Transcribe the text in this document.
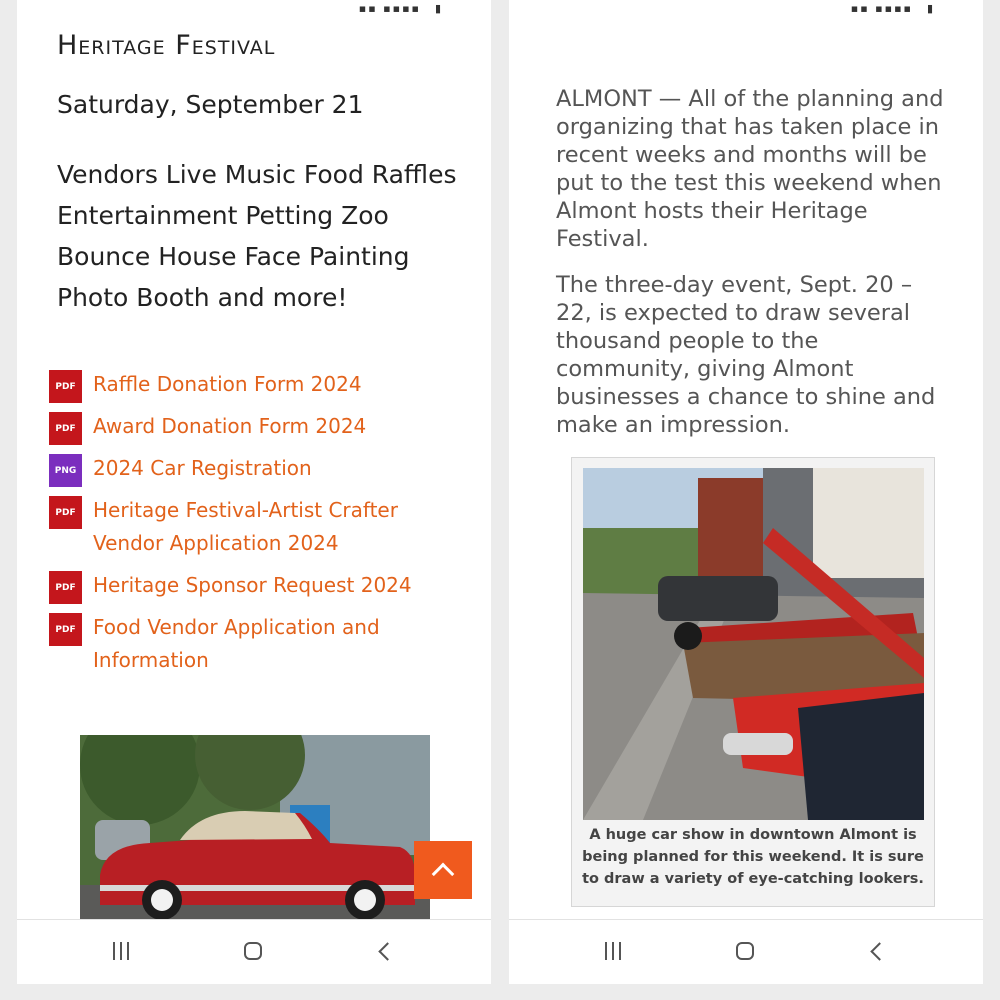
▪▪ ▪▪▪▪ ▮
Heritage Festival

Saturday, September 21

Vendors Live Music Food Raffles Entertainment Petting Zoo Bounce House Face Painting Photo Booth and more!

PDF Raffle Donation Form 2024
PDF Award Donation Form 2024
PNG 2024 Car Registration
PDF Heritage Festival-Artist Crafter Vendor Application 2024
PDF Heritage Sponsor Request 2024
PDF Food Vendor Application and Information
▪▪ ▪▪▪▪ ▮

ALMONT — All of the planning and organizing that has taken place in recent weeks and months will be put to the test this weekend when Almont hosts their Heritage Festival.

The three-day event, Sept. 20 – 22, is expected to draw several thousand people to the community, giving Almont businesses a chance to shine and make an impression.

A huge car show in downtown Almont is being planned for this weekend. It is sure to draw a variety of eye-catching lookers.
